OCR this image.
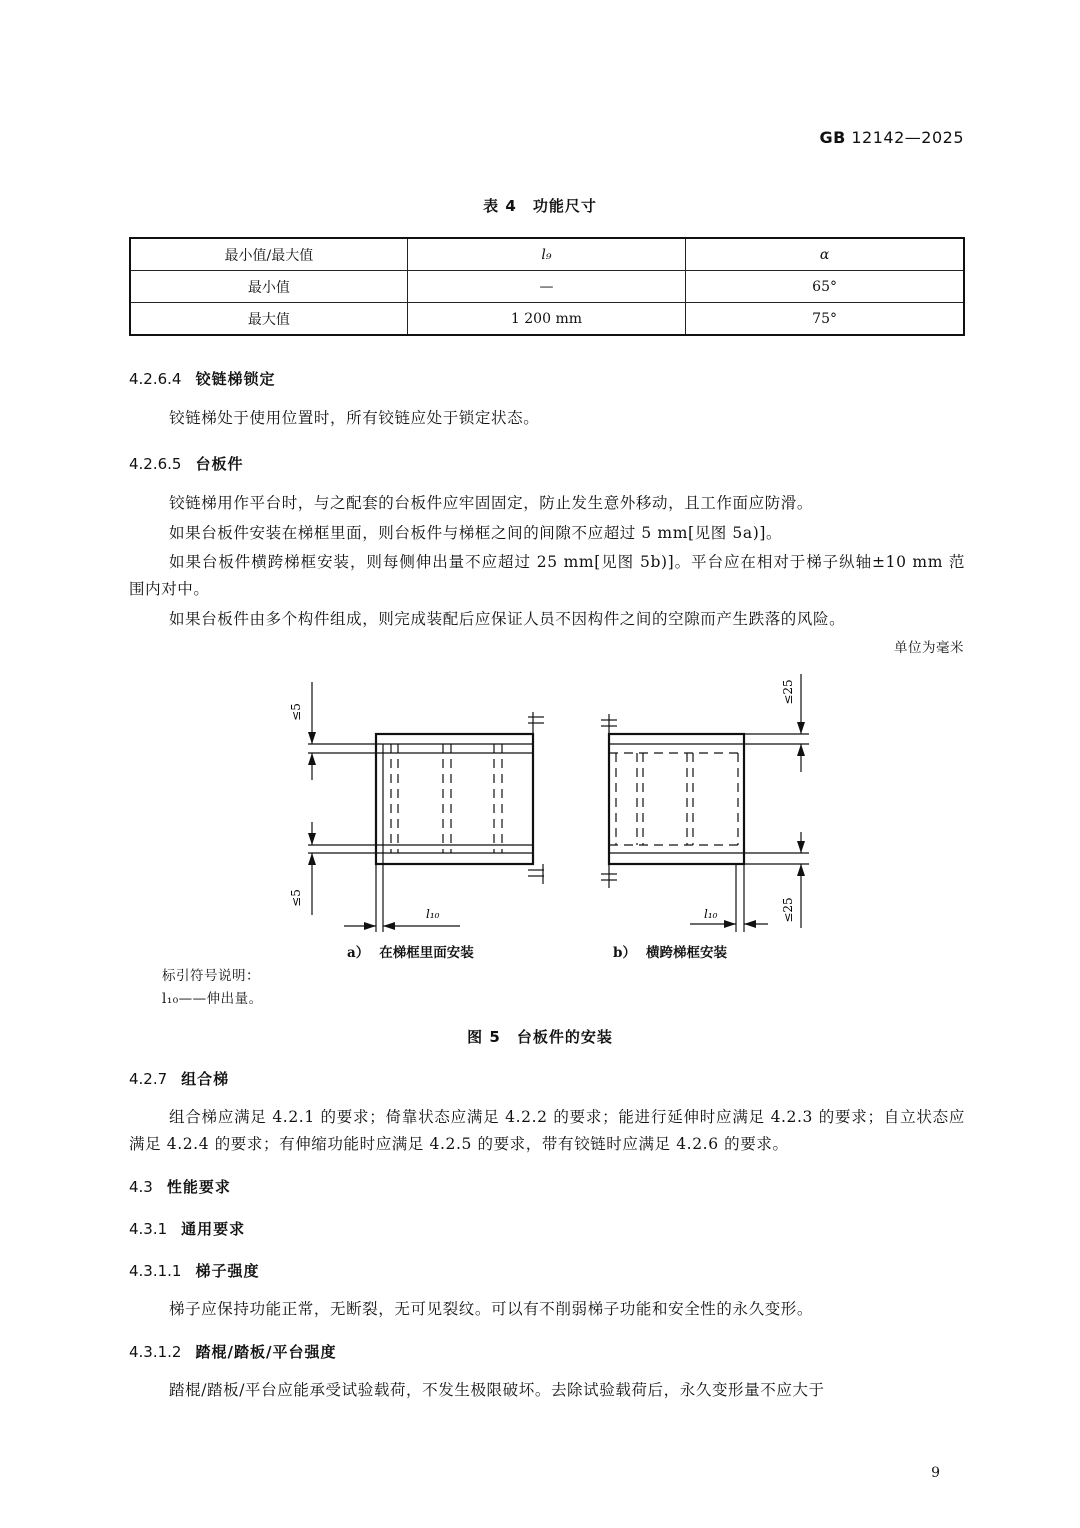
GB 12142—2025
表 4　功能尺寸
最小值/最大值	l₉	α
最小值	—	65°
最大值	1 200 mm	75°
4.2.6.4 铰链梯锁定
铰链梯处于使用位置时，所有铰链应处于锁定状态。
4.2.6.5 台板件
铰链梯用作平台时，与之配套的台板件应牢固固定，防止发生意外移动，且工作面应防滑。
如果台板件安装在梯框里面，则台板件与梯框之间的间隙不应超过 5 mm[见图 5a)]。
如果台板件横跨梯框安装，则每侧伸出量不应超过 25 mm[见图 5b)]。平台应在相对于梯子纵轴±10 mm 范围内对中。
如果台板件由多个构件组成，则完成装配后应保证人员不因构件之间的空隙而产生跌落的风险。
单位为毫米
≤5
≤5
≤25
≤25
l₁₀	l₁₀
a） 在梯框里面安装	b） 横跨梯框安装
标引符号说明：
l₁₀——伸出量。
图 5　台板件的安装
4.2.7 组合梯
组合梯应满足 4.2.1 的要求；倚靠状态应满足 4.2.2 的要求；能进行延伸时应满足 4.2.3 的要求；自立状态应满足 4.2.4 的要求；有伸缩功能时应满足 4.2.5 的要求，带有铰链时应满足 4.2.6 的要求。
4.3 性能要求
4.3.1 通用要求
4.3.1.1 梯子强度
梯子应保持功能正常，无断裂，无可见裂纹。可以有不削弱梯子功能和安全性的永久变形。
4.3.1.2 踏棍/踏板/平台强度
踏棍/踏板/平台应能承受试验载荷，不发生极限破坏。去除试验载荷后，永久变形量不应大于
9
